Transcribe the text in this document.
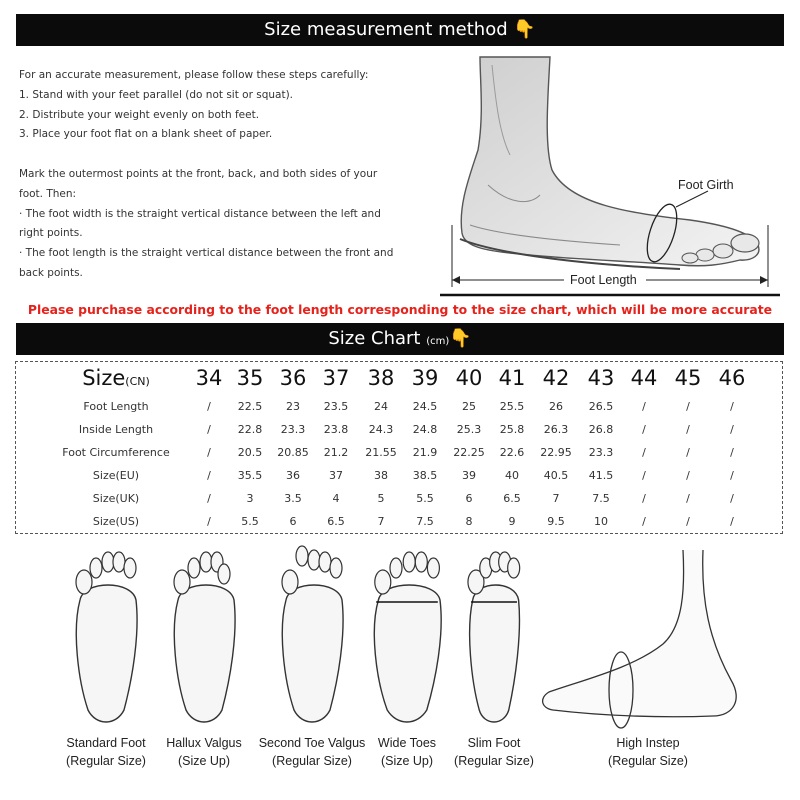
Size measurement method 👇

For an accurate measurement, please follow these steps carefully:

1. Stand with your feet parallel (do not sit or squat).

2. Distribute your weight evenly on both feet.

3. Place your foot flat on a blank sheet of paper.

Mark the outermost points at the front, back, and both sides of your

foot. Then:

· The foot width is the straight vertical distance between the left and

right points.

· The foot length is the straight vertical distance between the front and

back points.

Foot Girth
Foot Length
Please purchase according to the foot length corresponding to the size chart, which will be more accurate
Size Chart (cm)👇
Size(CN)	34 35 36 37 38 39 40 41 42 43 44 45 46
Foot Length	/	22.5	23	23.5	24	24.5	25	25.5	26	26.5	/	/	/
Inside Length	/	22.8	23.3	23.8	24.3	24.8	25.3	25.8	26.3	26.8	/	/	/
Foot Circumference	/	20.5	20.85	21.2	21.55	21.9	22.25	22.6	22.95	23.3	/	/	/
Size(EU)	/	35.5	36	37	38	38.5	39	40	40.5	41.5	/	/	/
Size(UK)	/	3	3.5	4	5	5.5	6	6.5	7	7.5	/	/	/
Size(US)	/	5.5	6	6.5	7	7.5	8	9	9.5	10	/	/	/
Standard Foot
(Regular Size)
Hallux Valgus
(Size Up)
Second Toe Valgus
(Regular Size)
Wide Toes
(Size Up)
Slim Foot
(Regular Size)
High Instep
(Regular Size)
